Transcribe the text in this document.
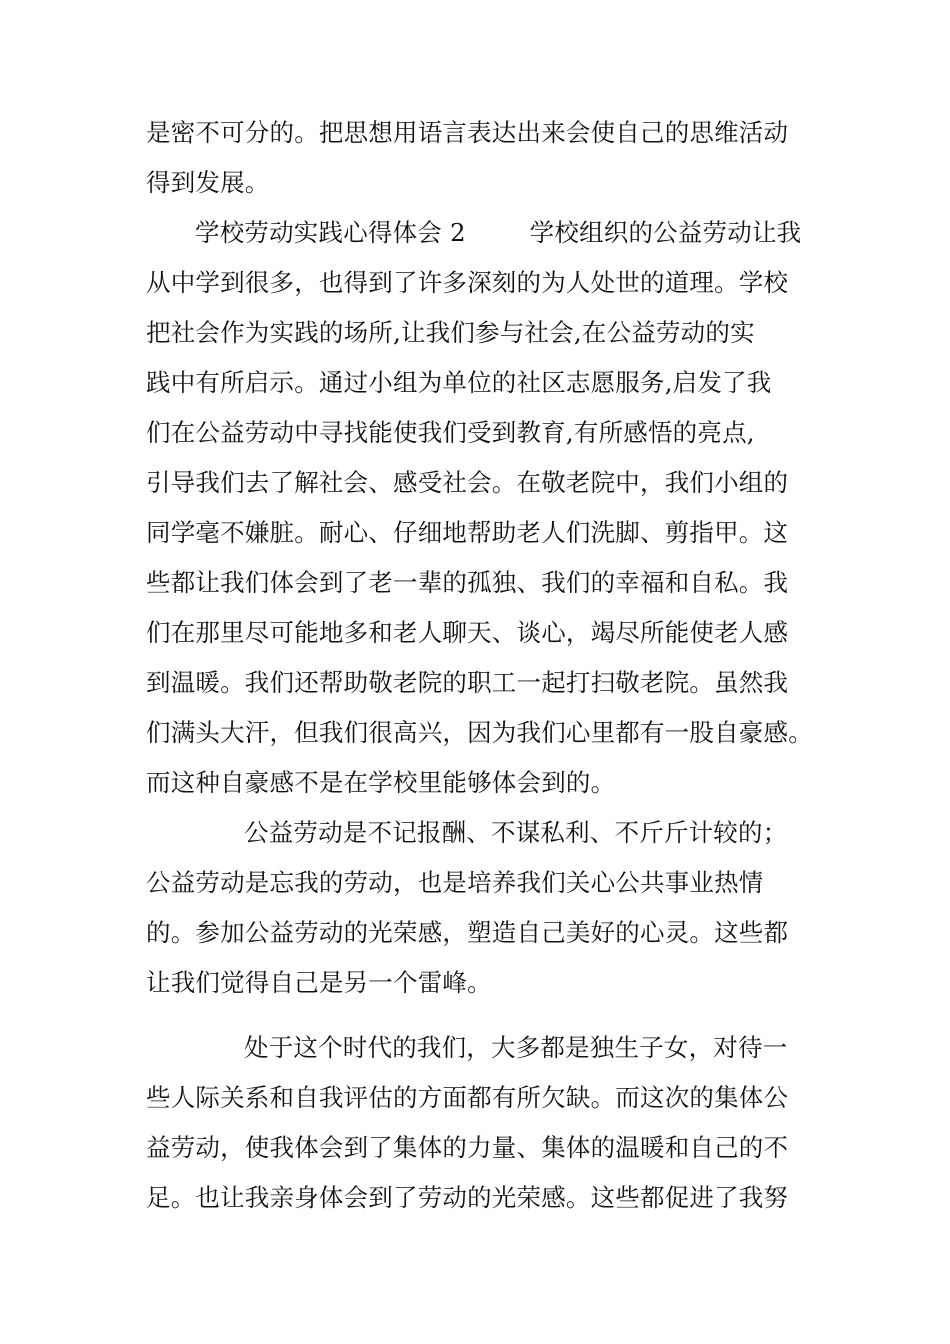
是密不可分的。把思想用语言表达出来会使自己的思维活动
得到发展。
学校劳动实践心得体会 2        学校组织的公益劳动让我
从中学到很多，也得到了许多深刻的为人处世的道理。学校
把社会作为实践的场所,让我们参与社会,在公益劳动的实
践中有所启示。通过小组为单位的社区志愿服务,启发了我
们在公益劳动中寻找能使我们受到教育,有所感悟的亮点,
引导我们去了解社会、感受社会。在敬老院中，我们小组的
同学毫不嫌脏。耐心、仔细地帮助老人们洗脚、剪指甲。这
些都让我们体会到了老一辈的孤独、我们的幸福和自私。我
们在那里尽可能地多和老人聊天、谈心，竭尽所能使老人感
到温暖。我们还帮助敬老院的职工一起打扫敬老院。虽然我
们满头大汗，但我们很高兴，因为我们心里都有一股自豪感。
而这种自豪感不是在学校里能够体会到的。
公益劳动是不记报酬、不谋私利、不斤斤计较的；
公益劳动是忘我的劳动，也是培养我们关心公共事业热情
的。参加公益劳动的光荣感，塑造自己美好的心灵。这些都
让我们觉得自己是另一个雷峰。
处于这个时代的我们，大多都是独生子女，对待一
些人际关系和自我评估的方面都有所欠缺。而这次的集体公
益劳动，使我体会到了集体的力量、集体的温暖和自己的不
足。也让我亲身体会到了劳动的光荣感。这些都促进了我努
